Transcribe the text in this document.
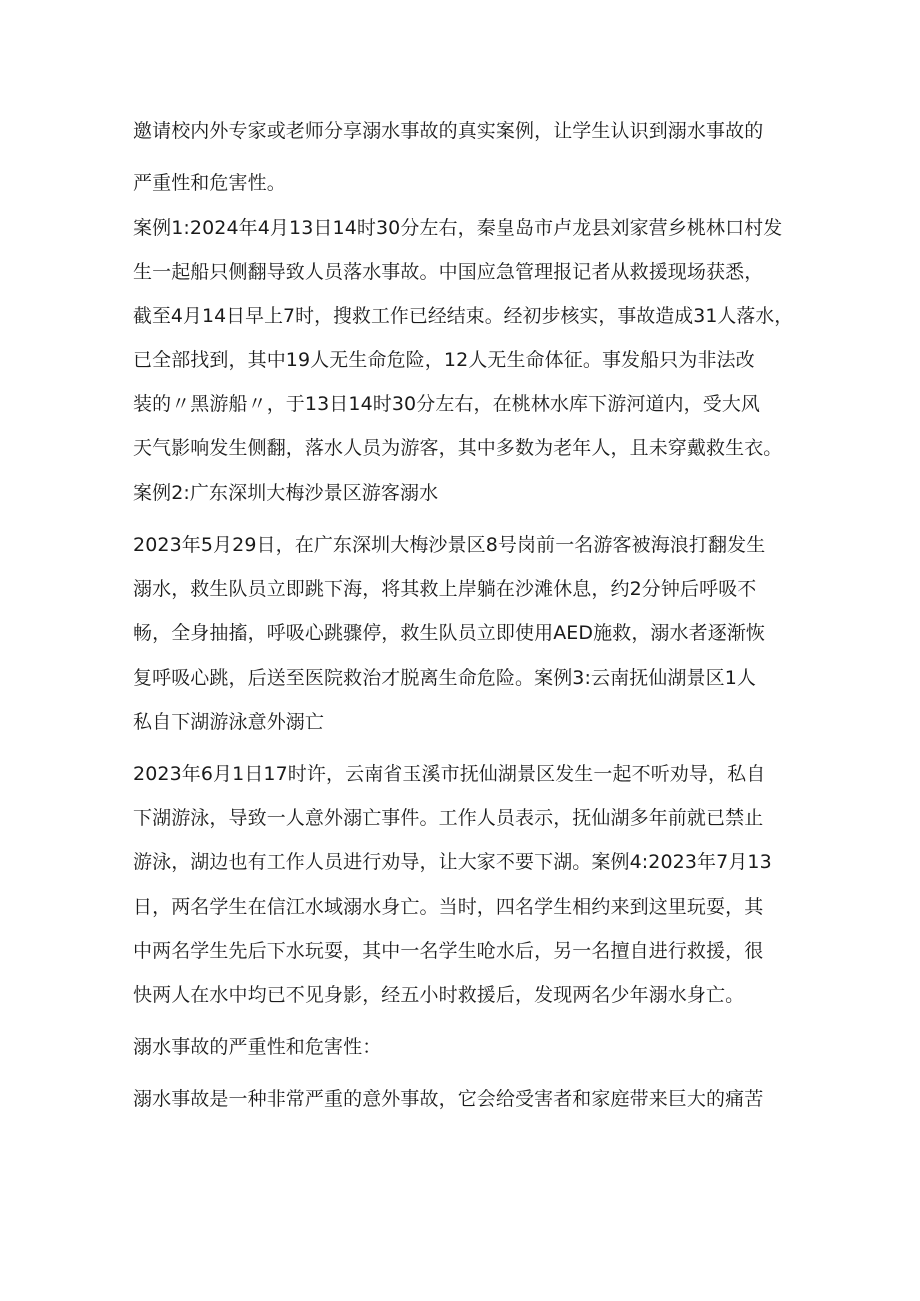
邀请校内外专家或老师分享溺水事故的真实案例，让学生认识到溺水事故的

严重性和危害性。

案例1:2024年4月13日14时30分左右，秦皇岛市卢龙县刘家营乡桃林口村发

生一起船只侧翻导致人员落水事故。中国应急管理报记者从救援现场获悉，

截至4月14日早上7时，搜救工作已经结束。经初步核实，事故造成31人落水，

已全部找到，其中19人无生命危险，12人无生命体征。事发船只为非法改

装的〃黑游船〃，于13日14时30分左右，在桃林水库下游河道内，受大风

天气影响发生侧翻，落水人员为游客，其中多数为老年人，且未穿戴救生衣。

案例2:广东深圳大梅沙景区游客溺水

2023年5月29日，在广东深圳大梅沙景区8号岗前一名游客被海浪打翻发生

溺水，救生队员立即跳下海，将其救上岸躺在沙滩休息，约2分钟后呼吸不

畅，全身抽搐，呼吸心跳骤停，救生队员立即使用AED施救，溺水者逐渐恢

复呼吸心跳，后送至医院救治才脱离生命危险。案例3:云南抚仙湖景区1人

私自下湖游泳意外溺亡

2023年6月1日17时许，云南省玉溪市抚仙湖景区发生一起不听劝导，私自

下湖游泳，导致一人意外溺亡事件。工作人员表示，抚仙湖多年前就已禁止

游泳，湖边也有工作人员进行劝导，让大家不要下湖。案例4:2023年7月13

日，两名学生在信江水域溺水身亡。当时，四名学生相约来到这里玩耍，其

中两名学生先后下水玩耍，其中一名学生呛水后，另一名擅自进行救援，很

快两人在水中均已不见身影，经五小时救援后，发现两名少年溺水身亡。

溺水事故的严重性和危害性：

溺水事故是一种非常严重的意外事故，它会给受害者和家庭带来巨大的痛苦
